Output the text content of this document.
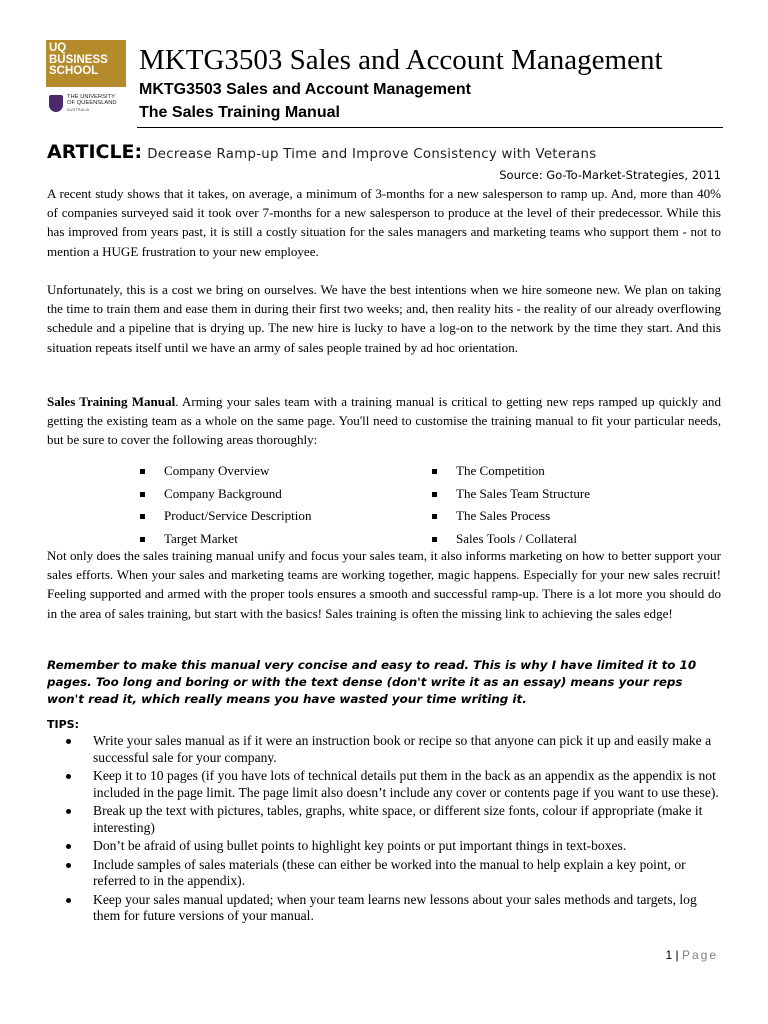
UQ
BUSINESS
SCHOOL
THE UNIVERSITY
OF QUEENSLAND
AUSTRALIA
MKTG3503 Sales and Account Management
MKTG3503 Sales and Account Management
The Sales Training Manual
ARTICLE: Decrease Ramp-up Time and Improve Consistency with Veterans
Source: Go-To-Market-Strategies, 2011

A recent study shows that it takes, on average, a minimum of 3-months for a new salesperson to ramp up. And, more than 40% of companies surveyed said it took over 7-months for a new salesperson to produce at the level of their predecessor. While this has improved from years past, it is still a costly situation for the sales managers and marketing teams who support them - not to mention a HUGE frustration to your new employee.

Unfortunately, this is a cost we bring on ourselves. We have the best intentions when we hire someone new. We plan on taking the time to train them and ease them in during their first two weeks; and, then reality hits - the reality of our already overflowing schedule and a pipeline that is drying up. The new hire is lucky to have a log-on to the network by the time they start. And this situation repeats itself until we have an army of sales people trained by ad hoc orientation.

Sales Training Manual. Arming your sales team with a training manual is critical to getting new reps ramped up quickly and getting the existing team as a whole on the same page. You'll need to customise the training manual to fit your particular needs, but be sure to cover the following areas thoroughly:

Company Overview
Company Background
Product/Service Description
Target Market
The Competition
The Sales Team Structure
The Sales Process
Sales Tools / Collateral

Not only does the sales training manual unify and focus your sales team, it also informs marketing on how to better support your sales efforts. When your sales and marketing teams are working together, magic happens. Especially for your new sales recruit! Feeling supported and armed with the proper tools ensures a smooth and successful ramp-up. There is a lot more you should do in the area of sales training, but start with the basics! Sales training is often the missing link to achieving the sales edge!

Remember to make this manual very concise and easy to read. This is why I have limited it to 10 pages. Too long and boring or with the text dense (don't write it as an essay) means your reps won't read it, which really means you have wasted your time writing it.

TIPS:
Write your sales manual as if it were an instruction book or recipe so that anyone can pick it up and easily make a successful sale for your company.
Keep it to 10 pages (if you have lots of technical details put them in the back as an appendix as the appendix is not included in the page limit. The page limit also doesn’t include any cover or contents page if you want to use these).
Break up the text with pictures, tables, graphs, white space, or different size fonts, colour if appropriate (make it interesting)
Don’t be afraid of using bullet points to highlight key points or put important things in text-boxes.
Include samples of sales materials (these can either be worked into the manual to help explain a key point, or referred to in the appendix).
Keep your sales manual updated; when your team learns new lessons about your sales methods and targets, log them for future versions of your manual.
1 | Page
